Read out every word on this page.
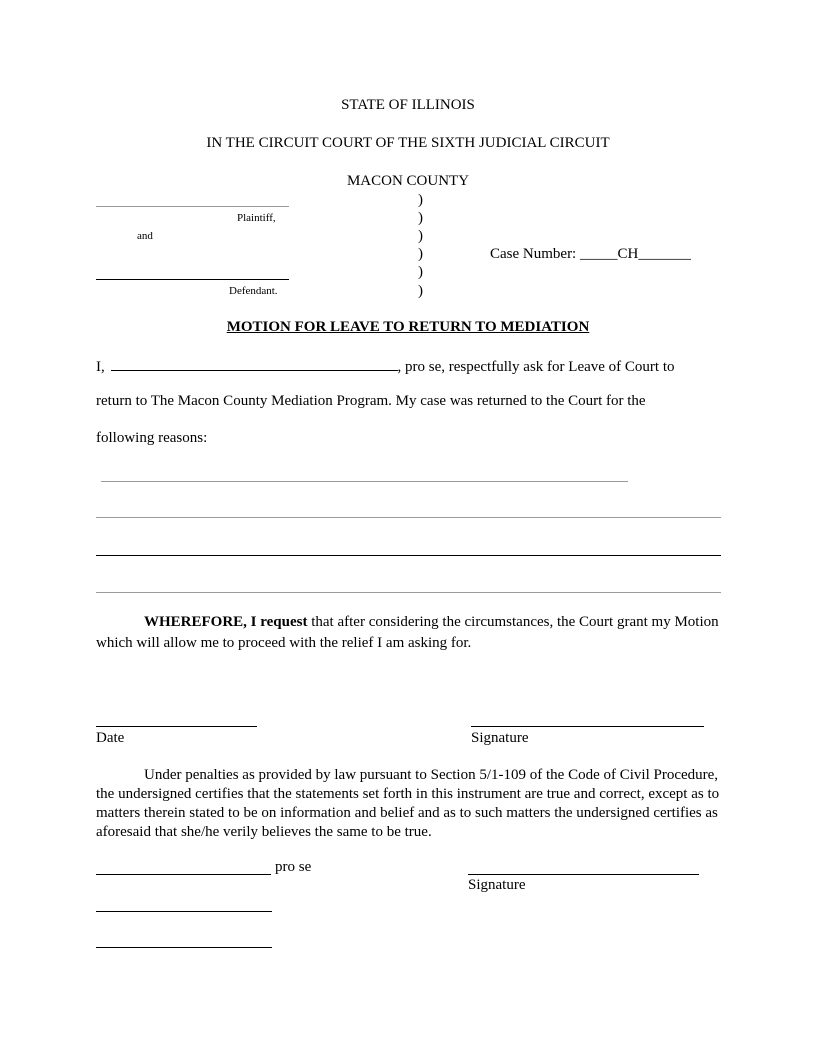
STATE OF ILLINOIS
IN THE CIRCUIT COURT OF THE SIXTH JUDICIAL CIRCUIT
MACON COUNTY
Plaintiff,
and
Defendant.
)
)
)
)
)
)
Case Number: _____CH_______
MOTION FOR LEAVE TO RETURN TO MEDIATION
I,	, pro se, respectfully ask for Leave of Court to
return to The Macon County Mediation Program. My case was returned to the Court for the
following reasons:
WHEREFORE, I request that after considering the circumstances, the Court grant my Motion which will allow me to proceed with the relief I am asking for.
Date	Signature
Under penalties as provided by law pursuant to Section 5/1-109 of the Code of Civil Procedure, the undersigned certifies that the statements set forth in this instrument are true and correct, except as to matters therein stated to be on information and belief and as to such matters the undersigned certifies as aforesaid that she/he verily believes the same to be true.
pro se
Signature
